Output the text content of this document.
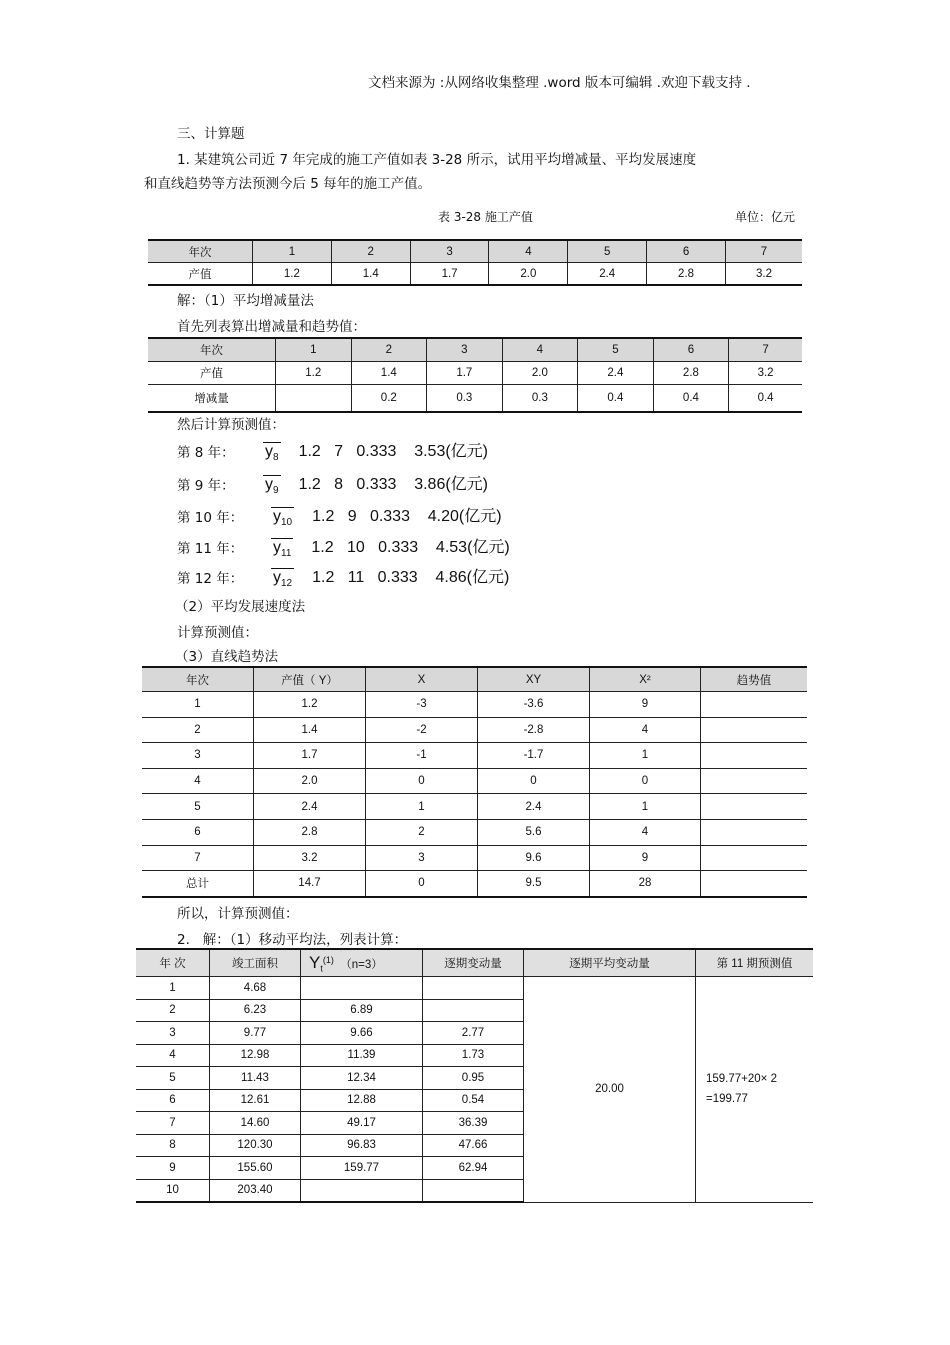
文档来源为 :从网络收集整理 .word 版本可编辑 .欢迎下载支持 .
三、计算题
1. 某建筑公司近 7 年完成的施工产值如表 3-28 所示，试用平均增减量、平均发展速度
和直线趋势等方法预测今后 5 每年的施工产值。
表 3-28 施工产值	单位：亿元
年次	1	2	3	4	5	6	7
产值	1.2	1.4	1.7	2.0	2.4	2.8	3.2
解：（1）平均增减量法
首先列表算出增减量和趋势值：
年次	1	2	3	4	5	6	7
产值	1.2	1.4	1.7	2.0	2.4	2.8	3.2
增减量		0.2	0.3	0.3	0.4	0.4	0.4
然后计算预测值：
第 8 年： $y_8$ 1.2   7   0.333    3.53(亿元)
第 9 年： $y_9$ 1.2   8   0.333    3.86(亿元)
第 10 年： $y_{10}$ 1.2   9   0.333    4.20(亿元)
第 11 年： $y_{11}$ 1.2   10   0.333    4.53(亿元)
第 12 年： $y_{12}$ 1.2   11   0.333    4.86(亿元)
（2）平均发展速度法
计算预测值：
（3）直线趋势法
年次	产值（ Y）	X	XY	X²	趋势值
1	1.2	-3	-3.6	9	
2	1.4	-2	-2.8	4	
3	1.7	-1	-1.7	1	
4	2.0	0	0	0	
5	2.4	1	2.4	1	
6	2.8	2	5.6	4	
7	3.2	3	9.6	9	
总计	14.7	0	9.5	28	
所以，计算预测值：
2.   解：（1）移动平均法，列表计算：
年 次	竣工面积	$Y_t^{(1)}$ （n=3）	逐期变动量	逐期平均变动量	第 11 期预测值
1	4.68			20.00	159.77+20× 2
=199.77
2	6.23	6.89			
3	9.77	9.66	2.77		
4	12.98	11.39	1.73		
5	11.43	12.34	0.95		
6	12.61	12.88	0.54		
7	14.60	49.17	36.39		
8	120.30	96.83	47.66		
9	155.60	159.77	62.94		
10	203.40				
